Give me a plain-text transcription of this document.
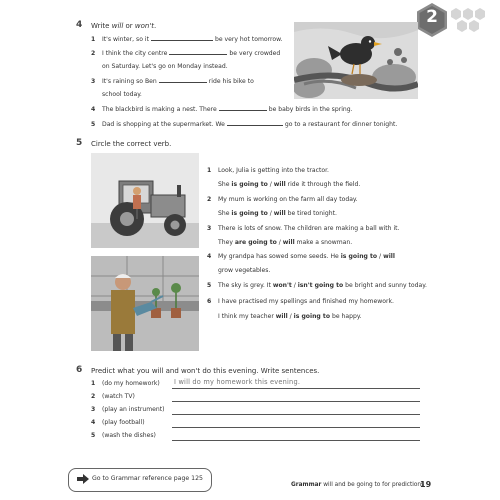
2
4 Write will or won't.
1 It's winter, so it	be very hot tomorrow.
2 I think the city centre	be very crowded
on Saturday. Let's go on Monday instead.
3 It's raining so Ben	ride his bike to
school today.
4 The blackbird is making a nest. There	be baby birds in the spring.
5 Dad is shopping at the supermarket. We	go to a restaurant for dinner tonight.
5 Circle the correct verb.
1 Look, Julia is getting into the tractor.
She is going to / will ride it through the field.
2 My mum is working on the farm all day today.
She is going to / will be tired tonight.
3 There is lots of snow. The children are making a ball with it.
They are going to / will make a snowman.
4 My grandpa has sowed some seeds. He is going to / will
grow vegetables.
5 The sky is grey. It won't / isn't going to be bright and sunny today.
6 I have practised my spellings and finished my homework.
I think my teacher will / is going to be happy.
6 Predict what you will and won't do this evening. Write sentences.
1 (do my homework) I will do my homework this evening.
2 (watch TV)
3 (play an instrument)
4 (play football)
5 (wash the dishes)
Go to Grammar reference page 125
Grammar will and be going to for predictions
19
